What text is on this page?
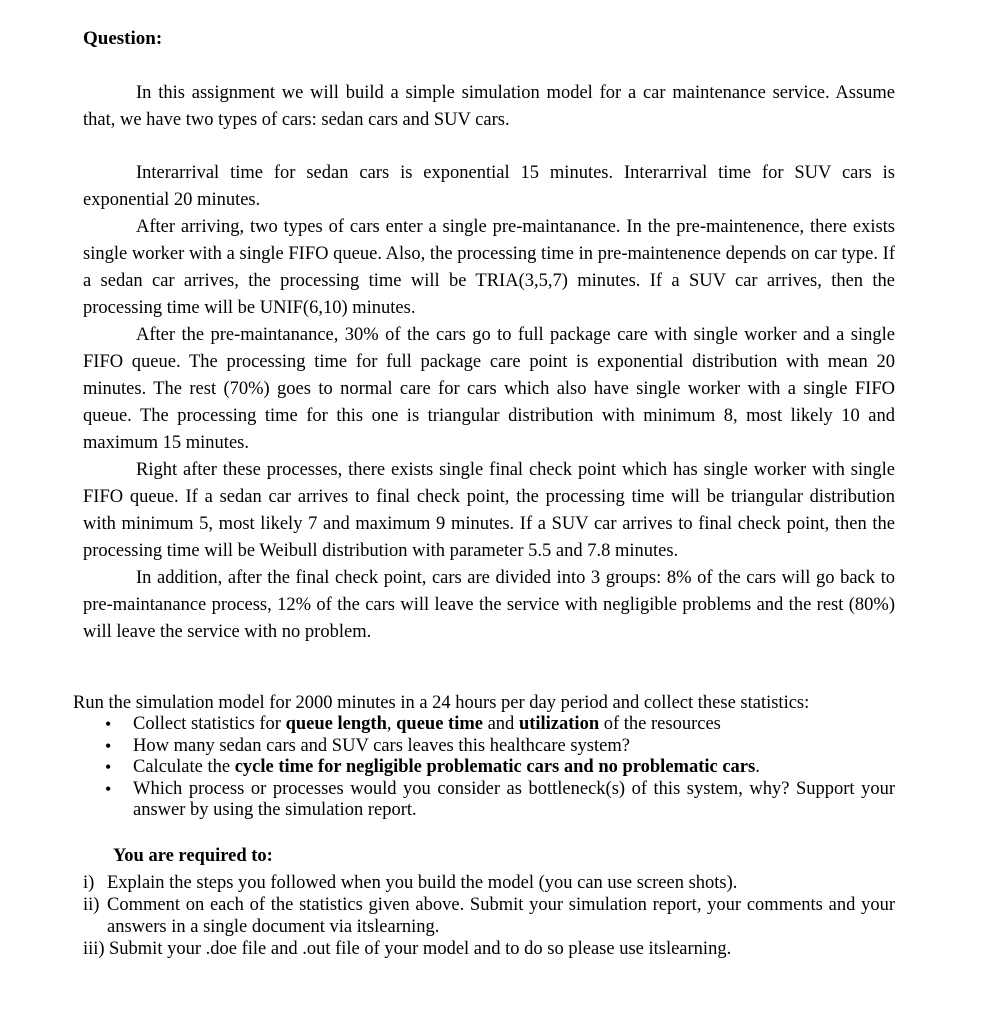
Question:

In this assignment we will build a simple simulation model for a car maintenance service. Assume that, we have two types of cars: sedan cars and SUV cars.

Interarrival time for sedan cars is exponential 15 minutes. Interarrival time for SUV cars is exponential 20 minutes.

After arriving, two types of cars enter a single pre-maintanance. In the pre-maintenence, there exists single worker with a single FIFO queue. Also, the processing time in pre-maintenence depends on car type. If a sedan car arrives, the processing time will be TRIA(3,5,7) minutes. If a SUV car arrives, then the processing time will be UNIF(6,10) minutes.

After the pre-maintanance, 30% of the cars go to full package care with single worker and a single FIFO queue. The processing time for full package care point is exponential distribution with mean 20 minutes. The rest (70%) goes to normal care for cars which also have single worker with a single FIFO queue. The processing time for this one is triangular distribution with minimum 8, most likely 10 and maximum 15 minutes.

Right after these processes, there exists single final check point which has single worker with single FIFO queue. If a sedan car arrives to final check point, the processing time will be triangular distribution with minimum 5, most likely 7 and maximum 9 minutes. If a SUV car arrives to final check point, then the processing time will be Weibull distribution with parameter 5.5 and 7.8 minutes.

In addition, after the final check point, cars are divided into 3 groups: 8% of the cars will go back to pre-maintanance process, 12% of the cars will leave the service with negligible problems and the rest (80%) will leave the service with no problem.

Run the simulation model for 2000 minutes in a 24 hours per day period and collect these statistics:

• Collect statistics for queue length, queue time and utilization of the resources
• How many sedan cars and SUV cars leaves this healthcare system?
• Calculate the cycle time for negligible problematic cars and no problematic cars.
• Which process or processes would you consider as bottleneck(s) of this system, why? Support your answer by using the simulation report.

You are required to:

i) Explain the steps you followed when you build the model (you can use screen shots).
ii) Comment on each of the statistics given above. Submit your simulation report, your comments and your answers in a single document via itslearning.
iii) Submit your .doe file and .out file of your model and to do so please use itslearning.
